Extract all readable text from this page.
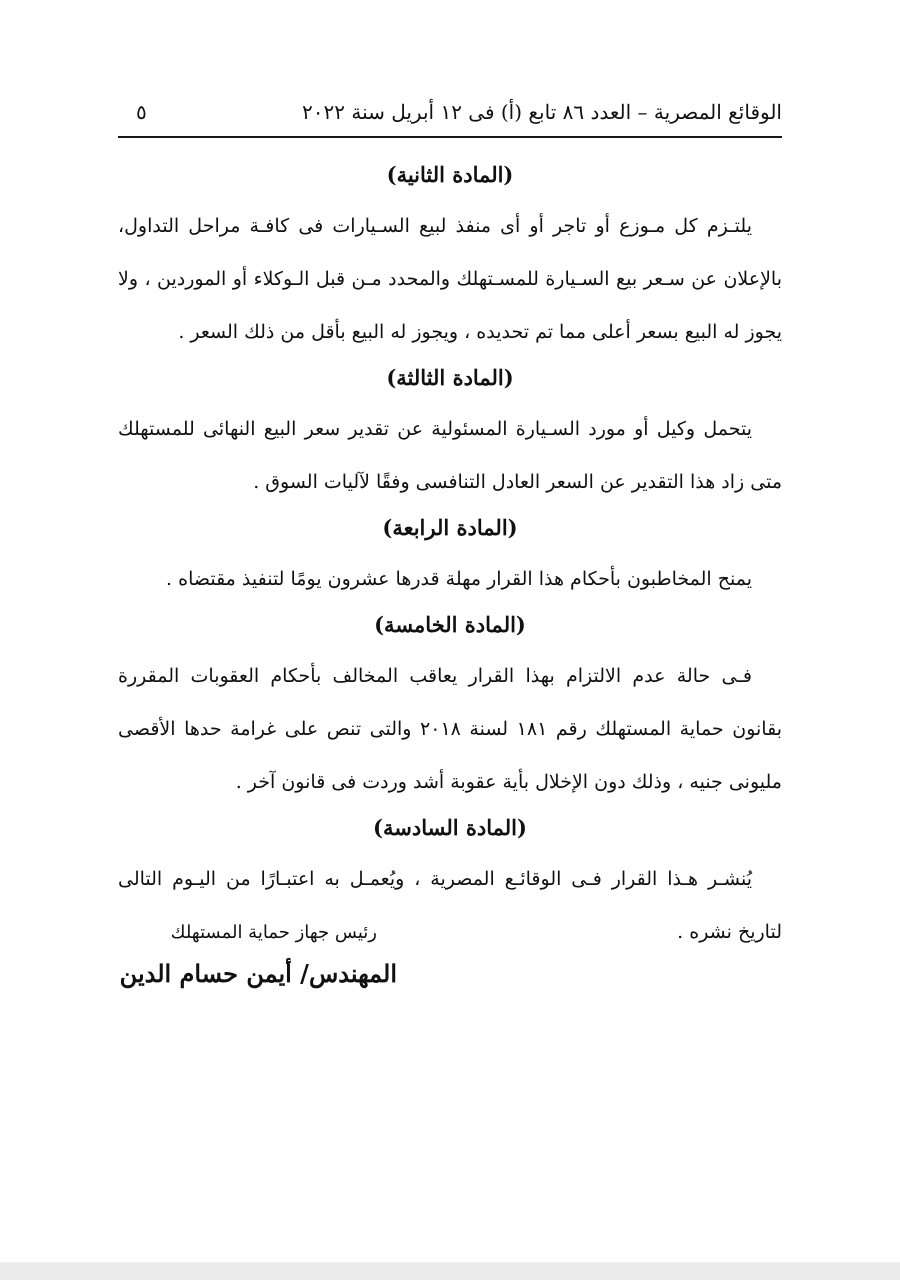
الوقائع المصرية – العدد ٨٦ تابع (أ) فى ١٢ أبريل سنة ٢٠٢٢
٥
(المادة الثانية)

يلتـزم كل مـوزع أو تاجر أو أى منفذ لبيع السـيارات فى كافـة مراحل التداول، بالإعلان عن سـعر بيع السـيارة للمسـتهلك والمحدد مـن قبل الـوكلاء أو الموردين ، ولا يجوز له البيع بسعر أعلى مما تم تحديده ، ويجوز له البيع بأقل من ذلك السعر .

(المادة الثالثة)

يتحمل وكيل أو مورد السـيارة المسئولية عن تقدير سعر البيع النهائى للمستهلك متى زاد هذا التقدير عن السعر العادل التنافسى وفقًا لآليات السوق .

(المادة الرابعة)

يمنح المخاطبون بأحكام هذا القرار مهلة قدرها عشرون يومًا لتنفيذ مقتضاه .

(المادة الخامسة)

فـى حالة عدم الالتزام بهذا القرار يعاقب المخالف بأحكام العقوبات المقررة بقانون حماية المستهلك رقم ١٨١ لسنة ٢٠١٨ والتى تنص على غرامة حدها الأقصى مليونى جنيه ، وذلك دون الإخلال بأية عقوبة أشد وردت فى قانون آخر .

(المادة السادسة)

يُنشـر هـذا القرار فـى الوقائـع المصرية ، ويُعمـل به اعتبـارًا من اليـوم التالى لتاريخ نشره .

رئيس جهاز حماية المستهلك
المهندس/ أيمن حسام الدين
